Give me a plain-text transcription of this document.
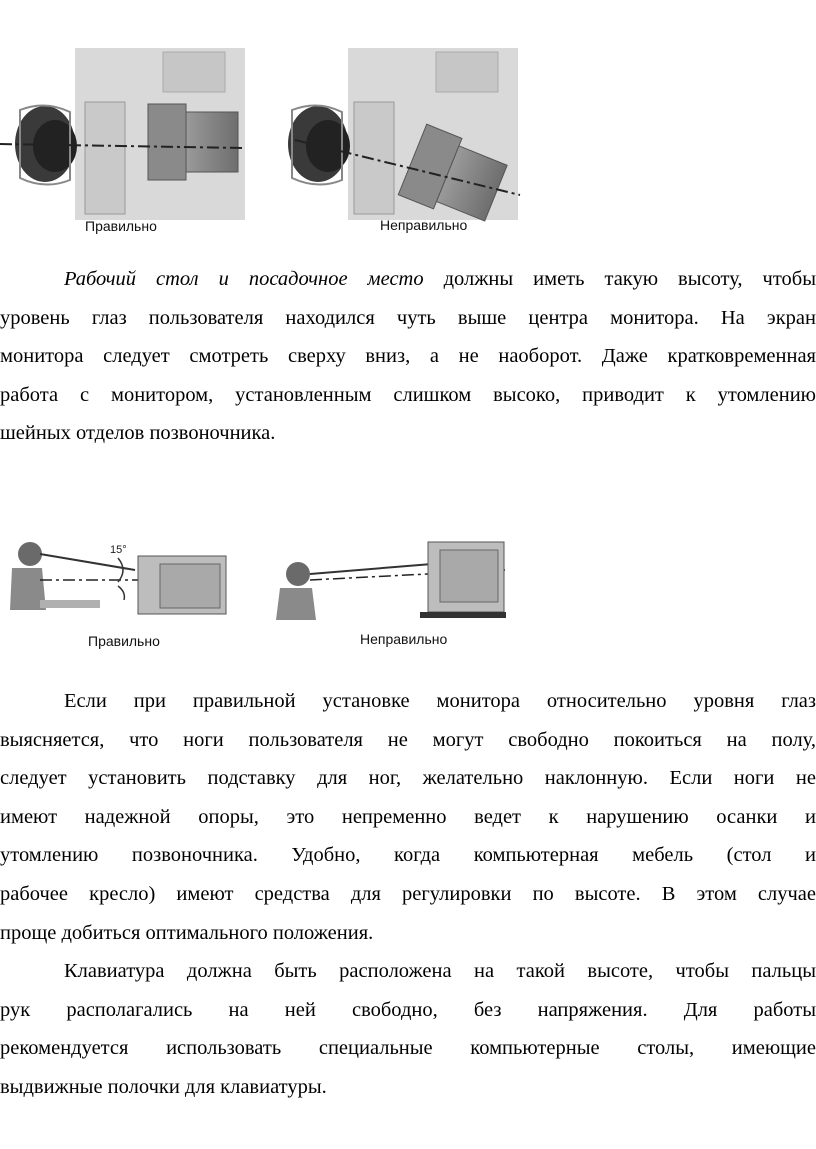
Правильно	Неправильно
Рабочий стол и посадочное место должны иметь такую высоту, чтобы
уровень глаз пользователя находился чуть выше центра монитора. На экран
монитора следует смотреть сверху вниз, а не наоборот. Даже кратковременная
работа с монитором, установленным слишком высоко, приводит к утомлению
шейных отделов позвоночника.
15°
Правильно	Неправильно
Если при правильной установке монитора относительно уровня глаз
выясняется, что ноги пользователя не могут свободно покоиться на полу,
следует установить подставку для ног, желательно наклонную. Если ноги не
имеют надежной опоры, это непременно ведет к нарушению осанки и
утомлению позвоночника. Удобно, когда компьютерная мебель (стол и
рабочее кресло) имеют средства для регулировки по высоте. В этом случае
проще добиться оптимального положения.
Клавиатура должна быть расположена на такой высоте, чтобы пальцы
рук располагались на ней свободно, без напряжения. Для работы
рекомендуется использовать специальные компьютерные столы, имеющие
выдвижные полочки для клавиатуры.
